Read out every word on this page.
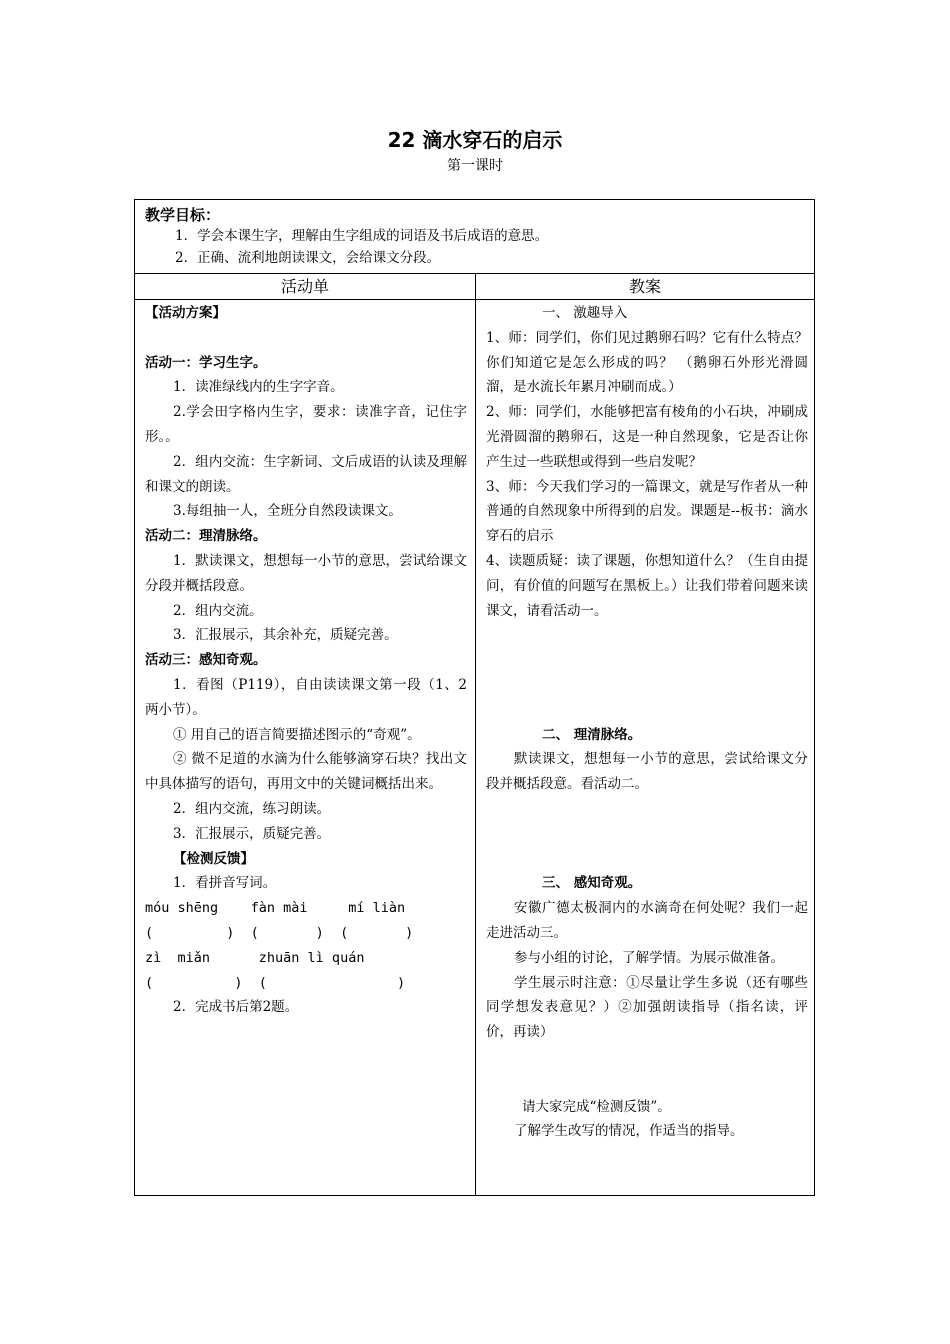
22 滴水穿石的启示
第一课时
教学目标：
1．学会本课生字，理解由生字组成的词语及书后成语的意思。
2．正确、流利地朗读课文，会给课文分段。
活动单	教案

【活动方案】

活动一：学习生字。

1．读准绿线内的生字字音。

2.学会田字格内生字，要求：读准字音，记住字形。。

2．组内交流：生字新词、文后成语的认读及理解和课文的朗读。

3.每组抽一人，全班分自然段读课文。

活动二：理清脉络。

1．默读课文，想想每一小节的意思，尝试给课文分段并概括段意。

2．组内交流。

3．汇报展示，其余补充，质疑完善。

活动三：感知奇观。

1．看图（P119），自由读读课文第一段（1、2两小节）。

① 用自己的语言简要描述图示的“奇观”。

② 微不足道的水滴为什么能够滴穿石块？找出文中具体描写的语句，再用文中的关键词概括出来。

2．组内交流，练习朗读。

3．汇报展示，质疑完善。

【检测反馈】

1．看拼音写词。

móu shēng    fàn mài     mí liàn

(         )  (       )  (       )

zì  miǎn      zhuān lì quán

(          )  (                )

2．完成书后第2题。

一、 激趣导入

1、师：同学们，你们见过鹅卵石吗？它有什么特点？你们知道它是怎么形成的吗？ （鹅卵石外形光滑圆溜，是水流长年累月冲刷而成。）

2、师：同学们，水能够把富有棱角的小石块，冲刷成光滑圆溜的鹅卵石，这是一种自然现象，它是否让你产生过一些联想或得到一些启发呢？

3、师：今天我们学习的一篇课文，就是写作者从一种普通的自然现象中所得到的启发。课题是--板书：滴水穿石的启示

4、读题质疑：读了课题，你想知道什么？（生自由提问，有价值的问题写在黑板上。）让我们带着问题来读课文，请看活动一。

二、 理清脉络。

默读课文，想想每一小节的意思，尝试给课文分段并概括段意。看活动二。

三、 感知奇观。

安徽广德太极洞内的水滴奇在何处呢？我们一起走进活动三。

参与小组的讨论，了解学情。为展示做准备。

学生展示时注意：①尽量让学生多说（还有哪些同学想发表意见？）②加强朗读指导（指名读，评价，再读）

请大家完成“检测反馈”。

了解学生改写的情况，作适当的指导。
